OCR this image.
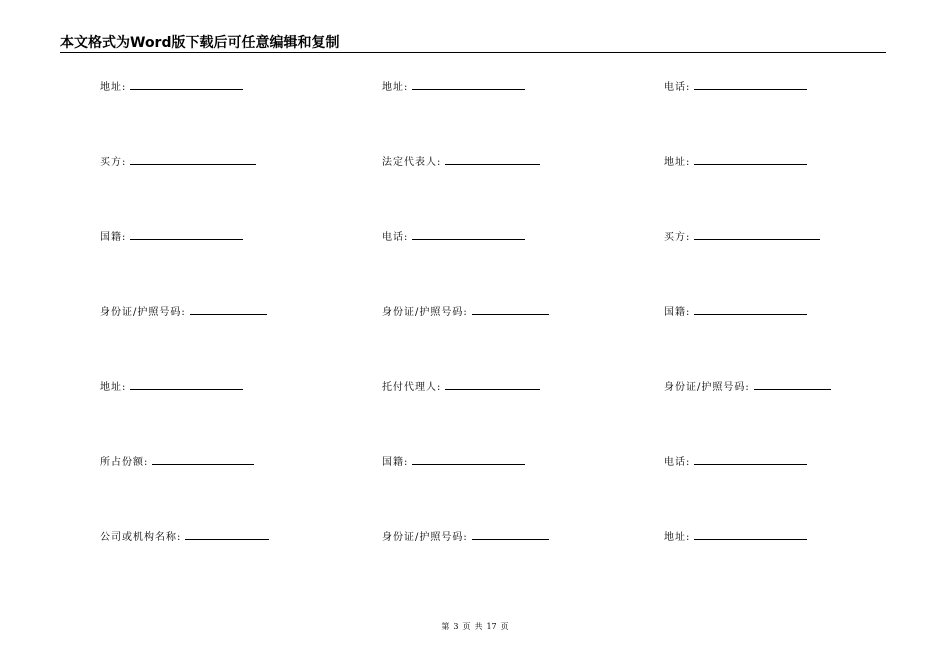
本文格式为Word版下载后可任意编辑和复制
地址:
买方:
国籍:
身份证/护照号码:
地址:
所占份额:
公司或机构名称:
地址:
法定代表人:
电话:
身份证/护照号码:
托付代理人:
国籍:
身份证/护照号码:
电话:
地址:
买方:
国籍:
身份证/护照号码:
电话:
地址:
第 3 页 共 17 页
